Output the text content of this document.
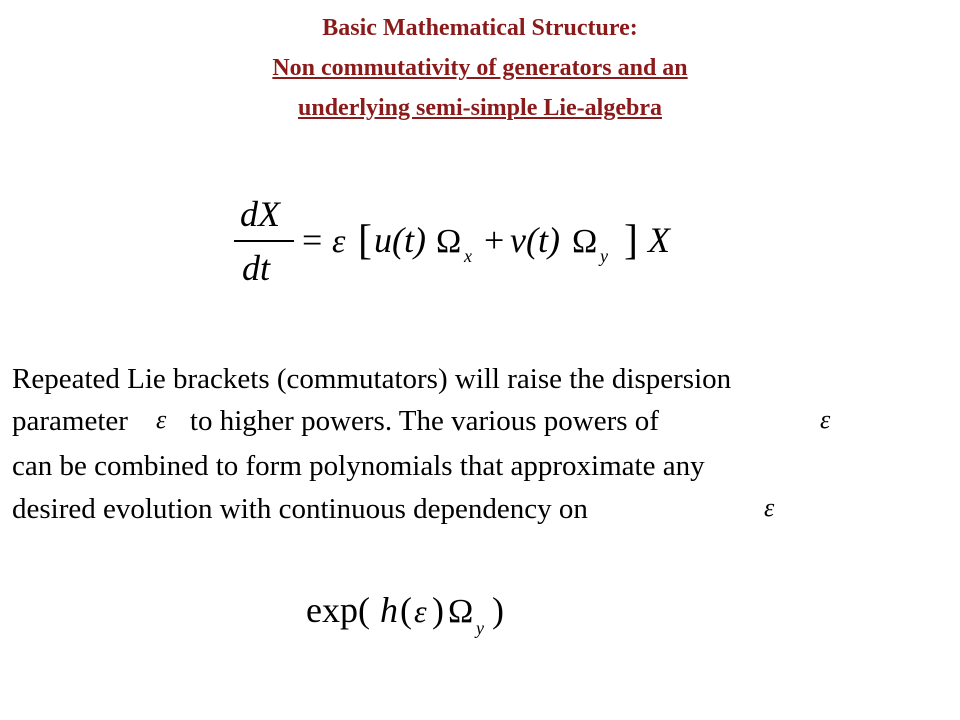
Basic Mathematical Structure:
Non commutativity of generators and an
underlying semi-simple Lie-algebra
dX
dt
= ε [ u(t) Ω x + v(t) Ω y ] X
Repeated Lie brackets (commutators) will raise the dispersion
parameter to higher powers. The various powers of
can be combined to form polynomials that approximate any
desired evolution with continuous dependency on
ε	ε
ε
exp( h ( ε ) Ω y )
